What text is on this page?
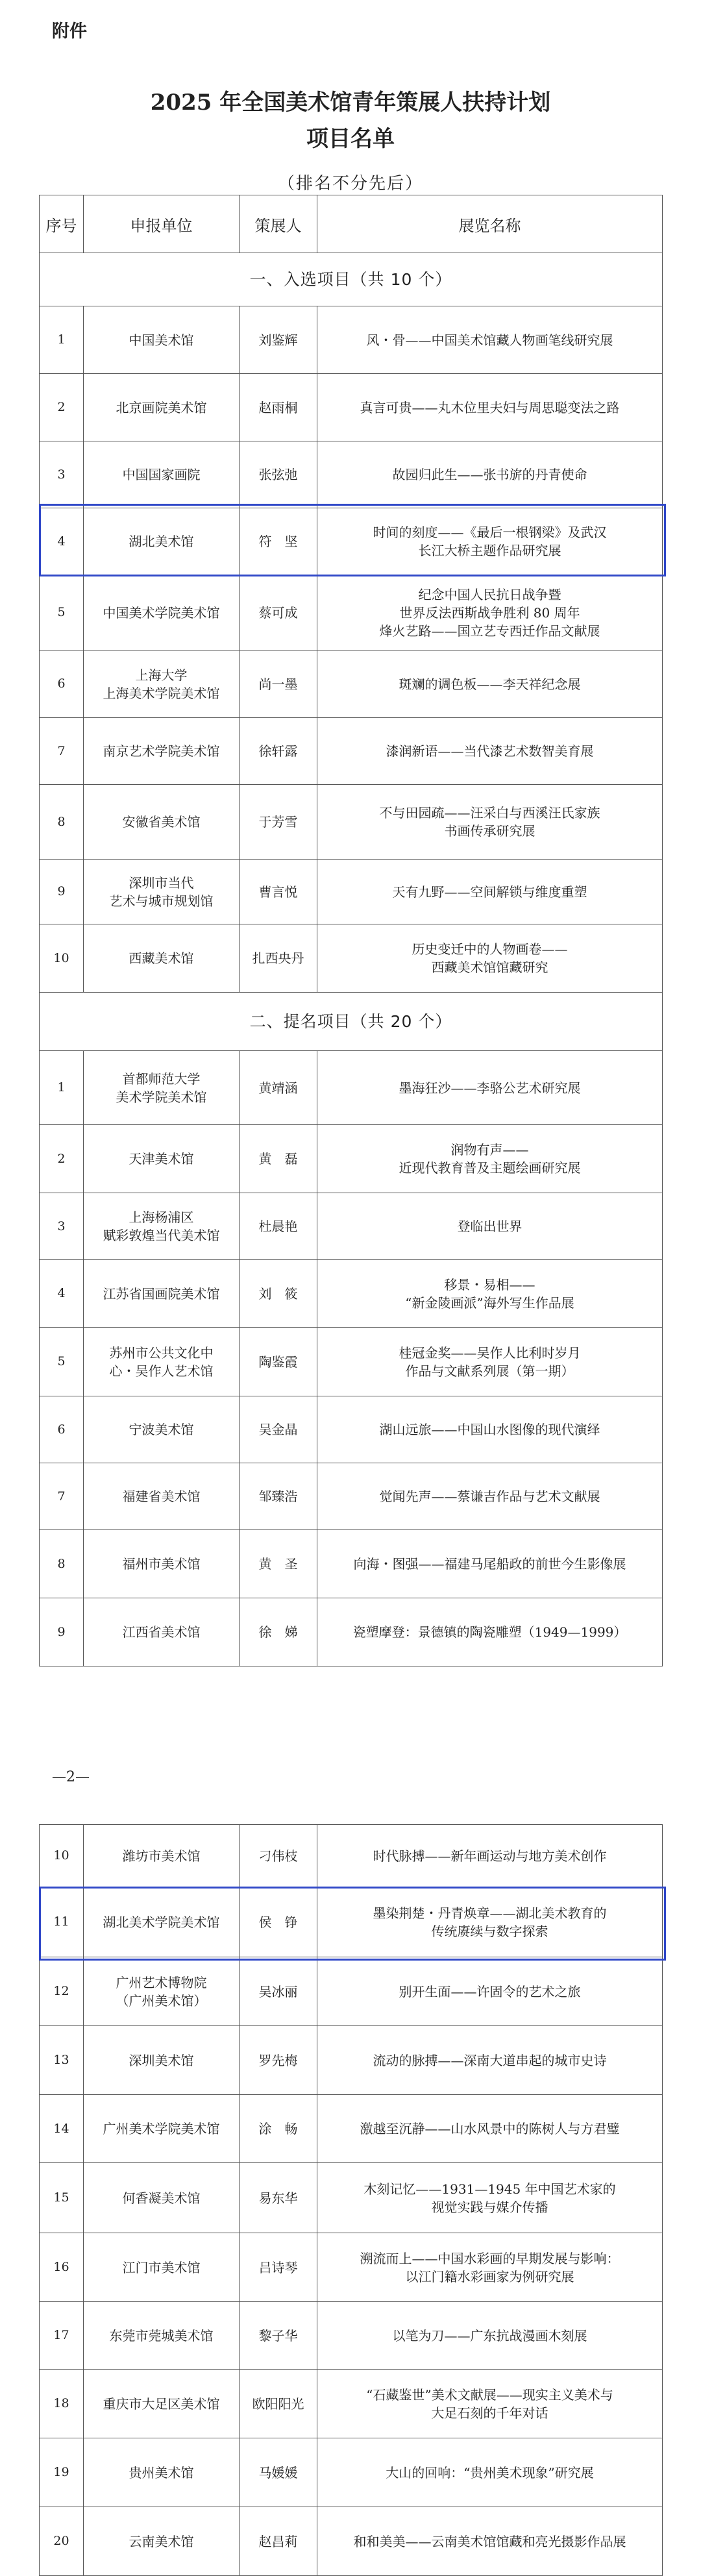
附件
2025 年全国美术馆青年策展人扶持计划
项目名单
（排名不分先后）
序号	申报单位	策展人	展览名称
一、入选项目（共 10 个）			
1	中国美术馆	刘鉴辉	风・骨——中国美术馆藏人物画笔线研究展
2	北京画院美术馆	赵雨桐	真言可贵——丸木位里夫妇与周思聪变法之路
3	中国国家画院	张弦弛	故园归此生——张书旂的丹青使命
4	湖北美术馆	符　坚	时间的刻度——《最后一根钢梁》及武汉
长江大桥主题作品研究展
5	中国美术学院美术馆	蔡可成	纪念中国人民抗日战争暨
世界反法西斯战争胜利 80 周年
烽火艺路——国立艺专西迁作品文献展
6	上海大学
上海美术学院美术馆	尚一墨	斑斓的调色板——李天祥纪念展
7	南京艺术学院美术馆	徐轩露	漆润新语——当代漆艺术数智美育展
8	安徽省美术馆	于芳雪	不与田园疏——汪采白与西溪汪氏家族
书画传承研究展
9	深圳市当代
艺术与城市规划馆	曹言悦	天有九野——空间解锁与维度重塑
10	西藏美术馆	扎西央丹	历史变迁中的人物画卷——
西藏美术馆馆藏研究
二、提名项目（共 20 个）			
1	首都师范大学
美术学院美术馆	黄靖涵	墨海狂沙——李骆公艺术研究展
2	天津美术馆	黄　磊	润物有声——
近现代教育普及主题绘画研究展
3	上海杨浦区
赋彩敦煌当代美术馆	杜晨艳	登临出世界
4	江苏省国画院美术馆	刘　筱	移景・易相——
“新金陵画派”海外写生作品展
5	苏州市公共文化中
心・吴作人艺术馆	陶鉴霞	桂冠金奖——吴作人比利时岁月
作品与文献系列展（第一期）
6	宁波美术馆	吴金晶	湖山远旅——中国山水图像的现代演绎
7	福建省美术馆	邹臻浩	觉闻先声——蔡谦吉作品与艺术文献展
8	福州市美术馆	黄　圣	向海・图强——福建马尾船政的前世今生影像展
9	江西省美术馆	徐　娣	瓷塑摩登：景德镇的陶瓷雕塑（1949—1999）
—2—
10	潍坊市美术馆	刁伟枝	时代脉搏——新年画运动与地方美术创作
11	湖北美术学院美术馆	侯　铮	墨染荆楚・丹青焕章——湖北美术教育的
传统赓续与数字探索
12	广州艺术博物院
（广州美术馆）	吴冰丽	别开生面——许固令的艺术之旅
13	深圳美术馆	罗先梅	流动的脉搏——深南大道串起的城市史诗
14	广州美术学院美术馆	涂　畅	激越至沉静——山水风景中的陈树人与方君璧
15	何香凝美术馆	易东华	木刻记忆——1931—1945 年中国艺术家的
视觉实践与媒介传播
16	江门市美术馆	吕诗琴	溯流而上——中国水彩画的早期发展与影响：
以江门籍水彩画家为例研究展
17	东莞市莞城美术馆	黎子华	以笔为刀——广东抗战漫画木刻展
18	重庆市大足区美术馆	欧阳阳光	“石藏鉴世”美术文献展——现实主义美术与
大足石刻的千年对话
19	贵州美术馆	马媛媛	大山的回响：“贵州美术现象”研究展
20	云南美术馆	赵昌莉	和和美美——云南美术馆馆藏和亮光摄影作品展
